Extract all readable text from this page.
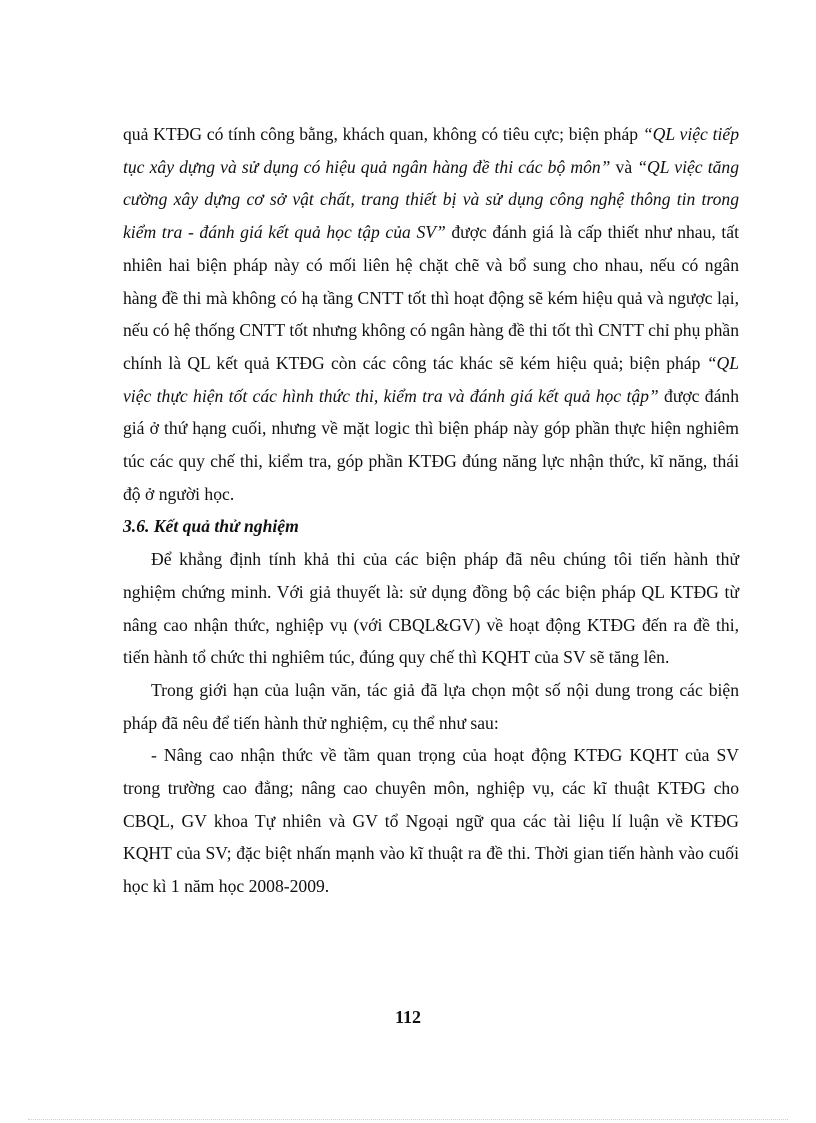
quả KTĐG có tính công bằng, khách quan, không có tiêu cực; biện pháp “QL việc tiếp tục xây dựng và sử dụng có hiệu quả ngân hàng đề thi các bộ môn” và “QL việc tăng cường xây dựng cơ sở vật chất, trang thiết bị và sử dụng công nghệ thông tin trong kiểm tra - đánh giá kết quả học tập của SV” được đánh giá là cấp thiết như nhau, tất nhiên hai biện pháp này có mối liên hệ chặt chẽ và bổ sung cho nhau, nếu có ngân hàng đề thi mà không có hạ tầng CNTT tốt thì hoạt động sẽ kém hiệu quả và ngược lại, nếu có hệ thống CNTT tốt nhưng không có ngân hàng đề thi tốt thì CNTT chỉ phụ phần chính là QL kết quả KTĐG còn các công tác khác sẽ kém hiệu quả; biện pháp “QL việc thực hiện tốt các hình thức thi, kiểm tra và đánh giá kết quả học tập” được đánh giá ở thứ hạng cuối, nhưng về mặt logic thì biện pháp này góp phần thực hiện nghiêm túc các quy chế thi, kiểm tra, góp phần KTĐG đúng năng lực nhận thức, kĩ năng, thái độ ở người học.

3.6. Kết quả thử nghiệm

Để khẳng định tính khả thi của các biện pháp đã nêu chúng tôi tiến hành thử nghiệm chứng minh. Với giả thuyết là: sử dụng đồng bộ các biện pháp QL KTĐG từ nâng cao nhận thức, nghiệp vụ (với CBQL&GV) về hoạt động KTĐG đến ra đề thi, tiến hành tổ chức thi nghiêm túc, đúng quy chế thì KQHT của SV sẽ tăng lên.

Trong giới hạn của luận văn, tác giả đã lựa chọn một số nội dung trong các biện pháp đã nêu để tiến hành thử nghiệm, cụ thể như sau:

- Nâng cao nhận thức về tầm quan trọng của hoạt động KTĐG KQHT của SV trong trường cao đẳng; nâng cao chuyên môn, nghiệp vụ, các kĩ thuật KTĐG cho CBQL, GV khoa Tự nhiên và GV tổ Ngoại ngữ qua các tài liệu lí luận về KTĐG KQHT của SV; đặc biệt nhấn mạnh vào kĩ thuật ra đề thi. Thời gian tiến hành vào cuối học kì 1 năm học 2008-2009.

112
